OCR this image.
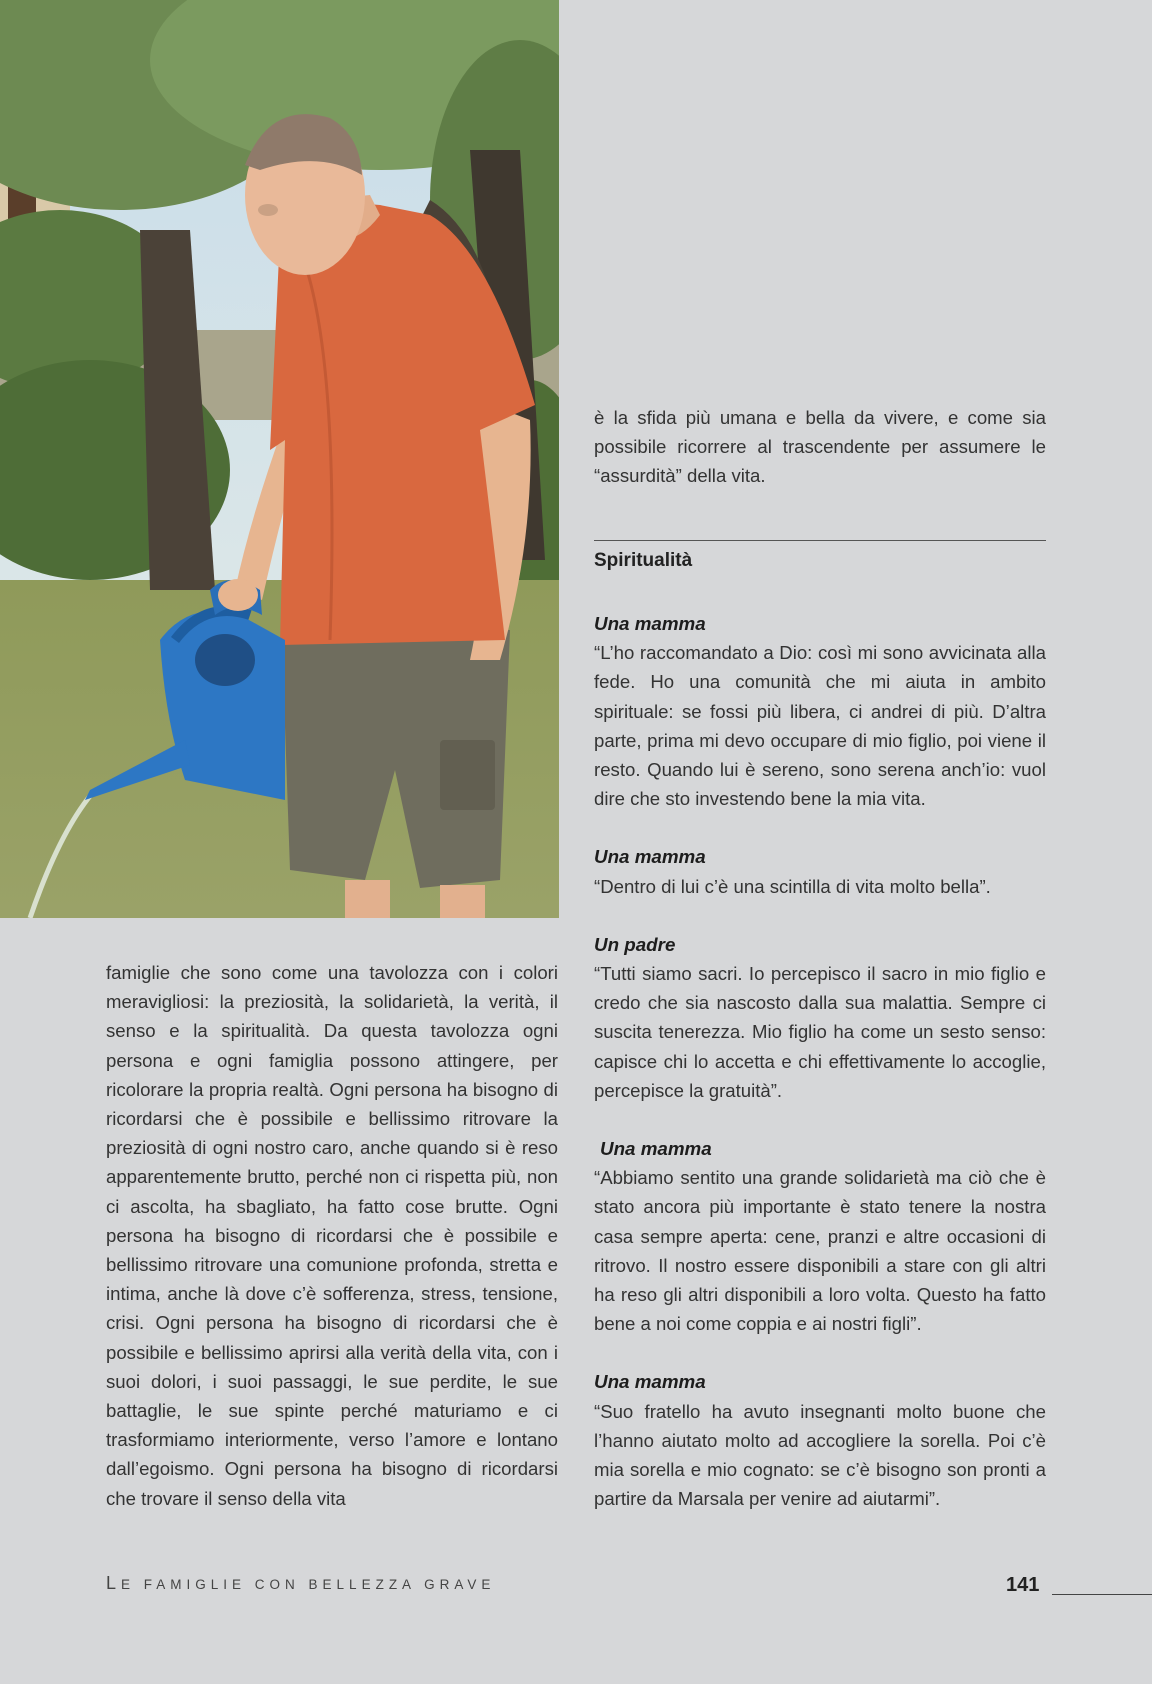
famiglie che sono come una tavolozza con i colori meravigliosi: la preziosità, la solidarietà, la verità, il senso e la spiritualità. Da questa tavolozza ogni persona e ogni famiglia possono attingere, per ricolorare la propria realtà. Ogni persona ha bisogno di ricordarsi che è possibile e bellissimo ritrovare la preziosità di ogni nostro caro, anche quando si è reso apparentemente brutto, perché non ci rispetta più, non ci ascolta, ha sbagliato, ha fatto cose brutte. Ogni persona ha bisogno di ricordarsi che è possibile e bellissimo ritrovare una comunione profonda, stretta e intima, anche là dove c’è sofferenza, stress, tensione, crisi. Ogni persona ha bisogno di ricordarsi che è possibile e bellissimo aprirsi alla verità della vita, con i suoi dolori, i suoi passaggi, le sue perdite, le sue battaglie, le sue spinte perché maturiamo e ci trasformiamo interiormente, verso l’amore e lontano dall’egoismo. Ogni persona ha bisogno di ricordarsi che trovare il senso della vita
è la sfida più umana e bella da vivere, e come sia possibile ricorrere al trascendente per assumere le “assurdità” della vita.
Spiritualità
Una mamma
“L’ho raccomandato a Dio: così mi sono avvicinata alla fede. Ho una comunità che mi aiuta in ambito spirituale: se fossi più libera, ci andrei di più. D’altra parte, prima mi devo occupare di mio figlio, poi viene il resto. Quando lui è sereno, sono serena anch’io: vuol dire che sto investendo bene la mia vita.
Una mamma
“Dentro di lui c’è una scintilla di vita molto bella”.
Un padre
“Tutti siamo sacri. Io percepisco il sacro in mio figlio e credo che sia nascosto dalla sua malattia. Sempre ci suscita tenerezza. Mio figlio ha come un sesto senso: capisce chi lo accetta e chi effettivamente lo accoglie, percepisce la gratuità”.
Una mamma
“Abbiamo sentito una grande solidarietà ma ciò che è stato ancora più importante è stato tenere la nostra casa sempre aperta: cene, pranzi e altre occasioni di ritrovo. Il nostro essere disponibili a stare con gli altri ha reso gli altri disponibili a loro volta. Questo ha fatto bene a noi come coppia e ai nostri figli”.
Una mamma
“Suo fratello ha avuto insegnanti molto buone che l’hanno aiutato molto ad accogliere la sorella. Poi c’è mia sorella e mio cognato: se c’è bisogno son pronti a partire da Marsala per venire ad aiutarmi”.
LE FAMIGLIE CON BELLEZZA GRAVE	141
